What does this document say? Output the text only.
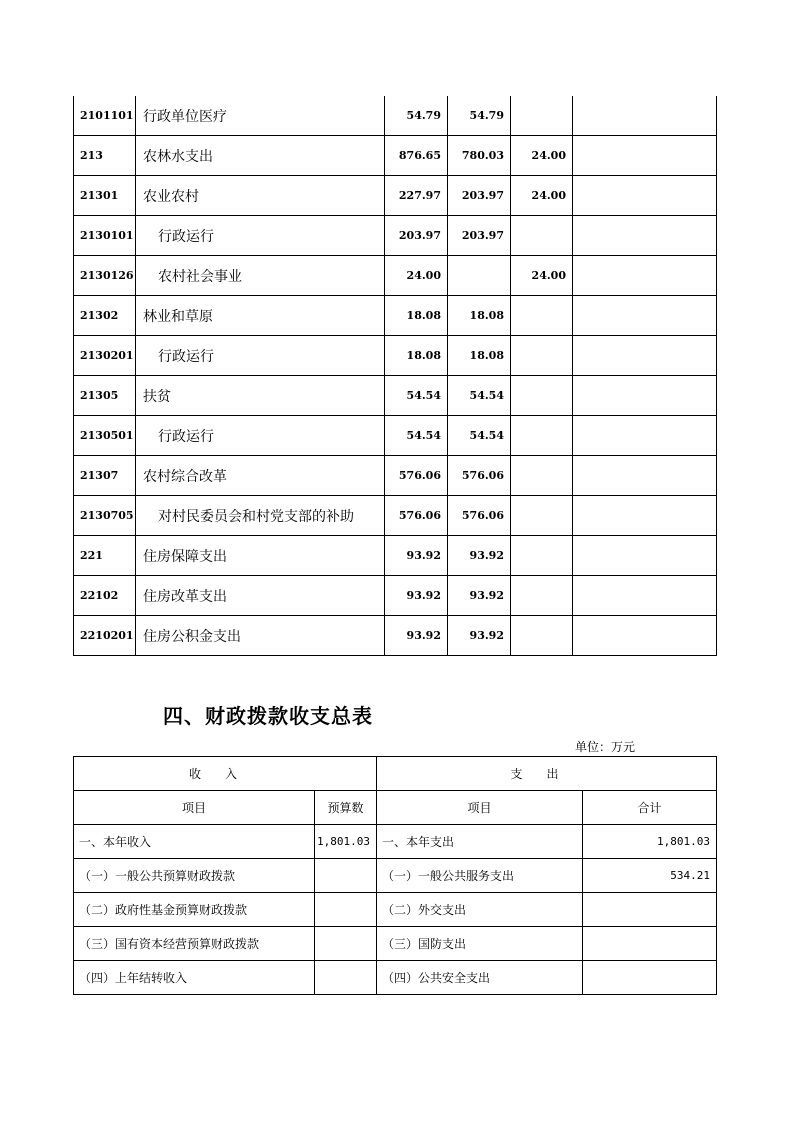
2101101	行政单位医疗	54.79	54.79		
213	农林水支出	876.65	780.03	24.00	
21301	农业农村	227.97	203.97	24.00	
2130101	行政运行	203.97	203.97		
2130126	农村社会事业	24.00		24.00	
21302	林业和草原	18.08	18.08		
2130201	行政运行	18.08	18.08		
21305	扶贫	54.54	54.54		
2130501	行政运行	54.54	54.54		
21307	农村综合改革	576.06	576.06		
2130705	对村民委员会和村党支部的补助	576.06	576.06		
221	住房保障支出	93.92	93.92		
22102	住房改革支出	93.92	93.92		
2210201	住房公积金支出	93.92	93.92		
四、财政拨款收支总表
单位：万元
收入		支出	
项目	预算数	项目	合计
一、本年收入	1,801.03	一、本年支出	1,801.03
（一）一般公共预算财政拨款		（一）一般公共服务支出	534.21
（二）政府性基金预算财政拨款		（二）外交支出	
（三）国有资本经营预算财政拨款		（三）国防支出	
（四）上年结转收入		（四）公共安全支出	
